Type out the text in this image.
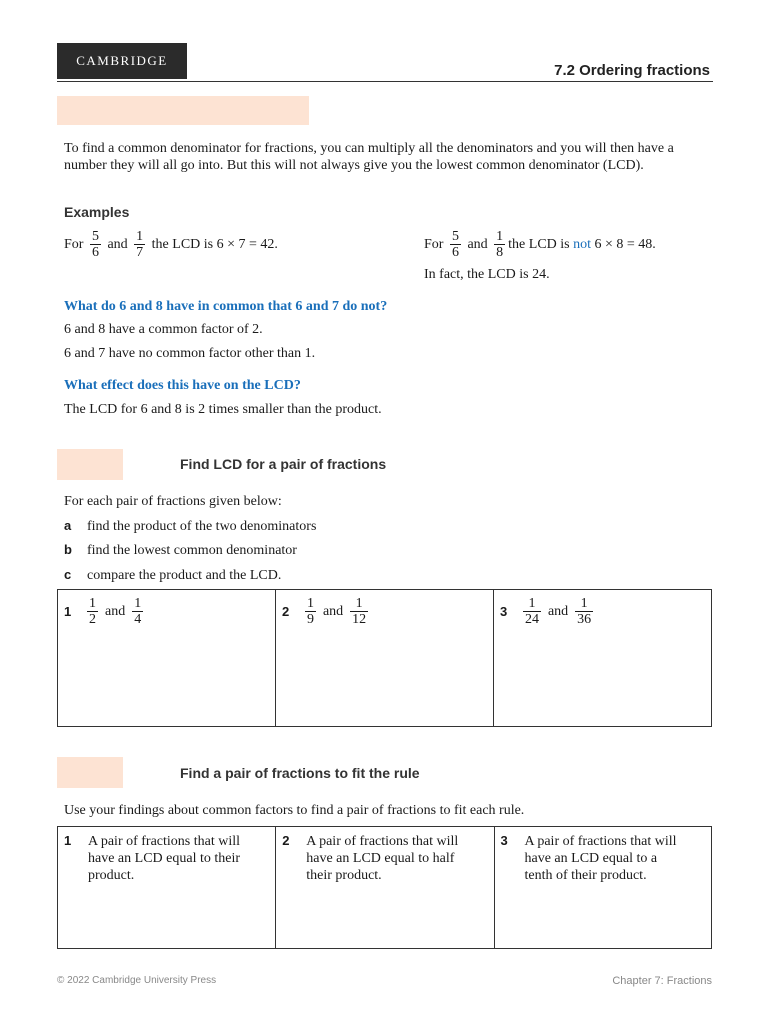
CAMBRIDGE
7.2 Ordering fractions
To find a common denominator for fractions, you can multiply all the denominators and you will then have a number they will all go into. But this will not always give you the lowest common denominator (LCD).
Examples
For $\frac{5}{6}$ and $\frac{1}{7}$ the LCD is 6 × 7 = 42.	For $\frac{5}{6}$ and $\frac{1}{8}$ the LCD is not 6 × 8 = 48.
In fact, the LCD is 24.
What do 6 and 8 have in common that 6 and 7 do not?
6 and 8 have a common factor of 2.
6 and 7 have no common factor other than 1.
What effect does this have on the LCD?
The LCD for 6 and 8 is 2 times smaller than the product.
Find LCD for a pair of fractions
For each pair of fractions given below:
a find the product of the two denominators
b find the lowest common denominator
c compare the product and the LCD.
1	$\frac{1}{2}$ and $\frac{1}{4}$	2	$\frac{1}{9}$ and $\frac{1}{12}$	3	$\frac{1}{24}$ and $\frac{1}{36}$
Find a pair of fractions to fit the rule
Use your findings about common factors to find a pair of fractions to fit each rule.
1	A pair of fractions that will have an LCD equal to their product.

2	A pair of fractions that will have an LCD equal to half their product.

3	A pair of fractions that will have an LCD equal to a tenth of their product.
© 2022 Cambridge University Press	Chapter 7: Fractions
